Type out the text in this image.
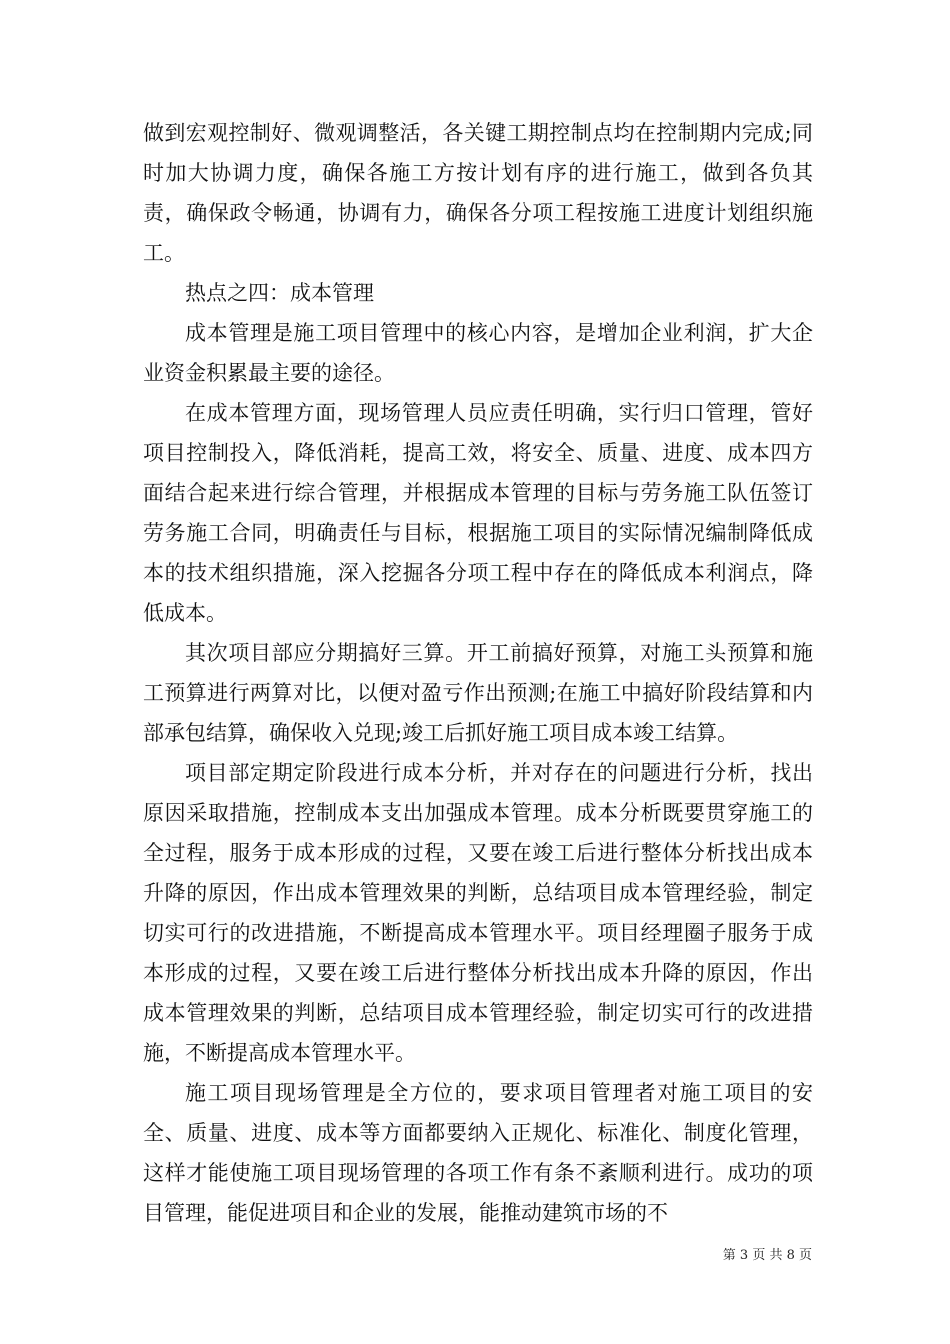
做到宏观控制好、微观调整活，各关键工期控制点均在控制期内完成;同时加大协调力度，确保各施工方按计划有序的进行施工，做到各负其责，确保政令畅通，协调有力，确保各分项工程按施工进度计划组织施工。

热点之四：成本管理

成本管理是施工项目管理中的核心内容，是增加企业利润，扩大企业资金积累最主要的途径。

在成本管理方面，现场管理人员应责任明确，实行归口管理，管好项目控制投入，降低消耗，提高工效，将安全、质量、进度、成本四方面结合起来进行综合管理，并根据成本管理的目标与劳务施工队伍签订劳务施工合同，明确责任与目标，根据施工项目的实际情况编制降低成本的技术组织措施，深入挖掘各分项工程中存在的降低成本利润点，降低成本。

其次项目部应分期搞好三算。开工前搞好预算，对施工头预算和施工预算进行两算对比，以便对盈亏作出预测;在施工中搞好阶段结算和内部承包结算，确保收入兑现;竣工后抓好施工项目成本竣工结算。

项目部定期定阶段进行成本分析，并对存在的问题进行分析，找出原因采取措施，控制成本支出加强成本管理。成本分析既要贯穿施工的全过程，服务于成本形成的过程，又要在竣工后进行整体分析找出成本升降的原因，作出成本管理效果的判断，总结项目成本管理经验，制定切实可行的改进措施，不断提高成本管理水平。项目经理圈子服务于成本形成的过程，又要在竣工后进行整体分析找出成本升降的原因，作出成本管理效果的判断，总结项目成本管理经验，制定切实可行的改进措施，不断提高成本管理水平。

施工项目现场管理是全方位的，要求项目管理者对施工项目的安全、质量、进度、成本等方面都要纳入正规化、标准化、制度化管理，这样才能使施工项目现场管理的各项工作有条不紊顺利进行。成功的项目管理，能促进项目和企业的发展，能推动建筑市场的不

第 3 页 共 8 页
